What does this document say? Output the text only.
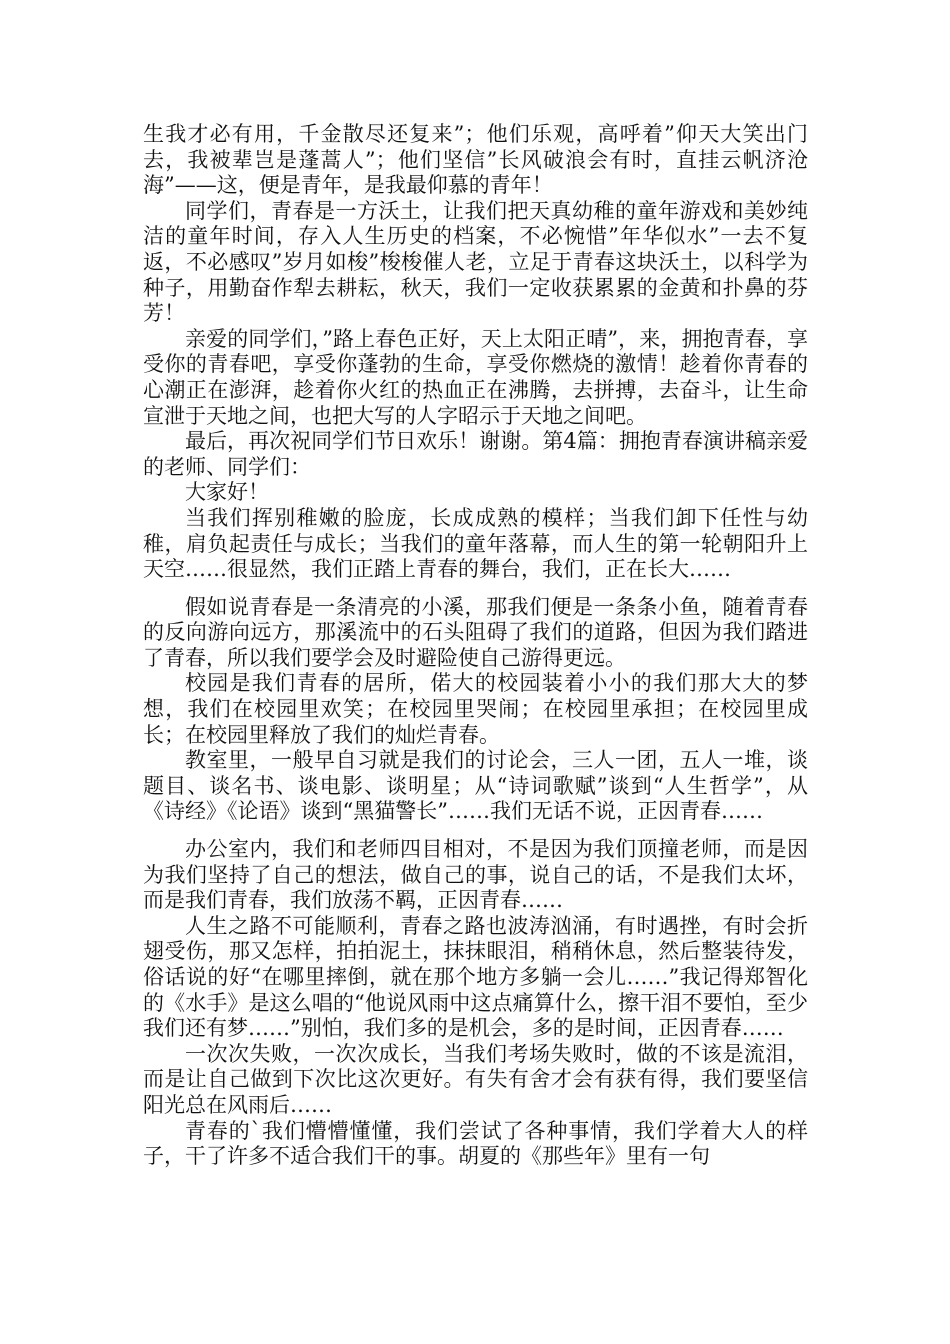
生我才必有用，千金散尽还复来”；他们乐观，高呼着”仰天大笑出门去，我被辈岂是蓬蒿人”；他们坚信”长风破浪会有时，直挂云帆济沧海”——这，便是青年，是我最仰慕的青年！

同学们，青春是一方沃土，让我们把天真幼稚的童年游戏和美妙纯洁的童年时间，存入人生历史的档案，不必惋惜”年华似水”一去不复返，不必感叹”岁月如梭”梭梭催人老，立足于青春这块沃土，以科学为种子，用勤奋作犁去耕耘，秋天，我们一定收获累累的金黄和扑鼻的芬芳！

亲爱的同学们，”路上春色正好，天上太阳正晴”，来，拥抱青春，享受你的青春吧，享受你蓬勃的生命，享受你燃烧的激情！趁着你青春的心潮正在澎湃，趁着你火红的热血正在沸腾，去拼搏，去奋斗，让生命宣泄于天地之间，也把大写的人字昭示于天地之间吧。

最后，再次祝同学们节日欢乐！谢谢。第4篇：拥抱青春演讲稿亲爱的老师、同学们：

大家好！

当我们挥别稚嫩的脸庞，长成成熟的模样；当我们卸下任性与幼稚，肩负起责任与成长；当我们的童年落幕，而人生的第一轮朝阳升上天空……很显然，我们正踏上青春的舞台，我们，正在长大……

假如说青春是一条清亮的小溪，那我们便是一条条小鱼，随着青春的反向游向远方，那溪流中的石头阻碍了我们的道路，但因为我们踏进了青春，所以我们要学会及时避险使自己游得更远。

校园是我们青春的居所，偌大的校园装着小小的我们那大大的梦想，我们在校园里欢笑；在校园里哭闹；在校园里承担；在校园里成长；在校园里释放了我们的灿烂青春。

教室里，一般早自习就是我们的讨论会，三人一团，五人一堆，谈题目、谈名书、谈电影、谈明星；从“诗词歌赋”谈到“人生哲学”，从《诗经》《论语》谈到“黑猫警长”……我们无话不说，正因青春……

办公室内，我们和老师四目相对，不是因为我们顶撞老师，而是因为我们坚持了自己的想法，做自己的事，说自己的话，不是我们太坏，而是我们青春，我们放荡不羁，正因青春……

人生之路不可能顺利，青春之路也波涛汹涌，有时遇挫，有时会折翅受伤，那又怎样，拍拍泥土，抹抹眼泪，稍稍休息，然后整装待发，俗话说的好“在哪里摔倒，就在那个地方多躺一会儿……”我记得郑智化的《水手》是这么唱的“他说风雨中这点痛算什么，擦干泪不要怕，至少我们还有梦……”别怕，我们多的是机会，多的是时间，正因青春……

一次次失败，一次次成长，当我们考场失败时，做的不该是流泪，而是让自己做到下次比这次更好。有失有舍才会有获有得，我们要坚信阳光总在风雨后……

青春的`我们懵懵懂懂，我们尝试了各种事情，我们学着大人的样子，干了许多不适合我们干的事。胡夏的《那些年》里有一句
